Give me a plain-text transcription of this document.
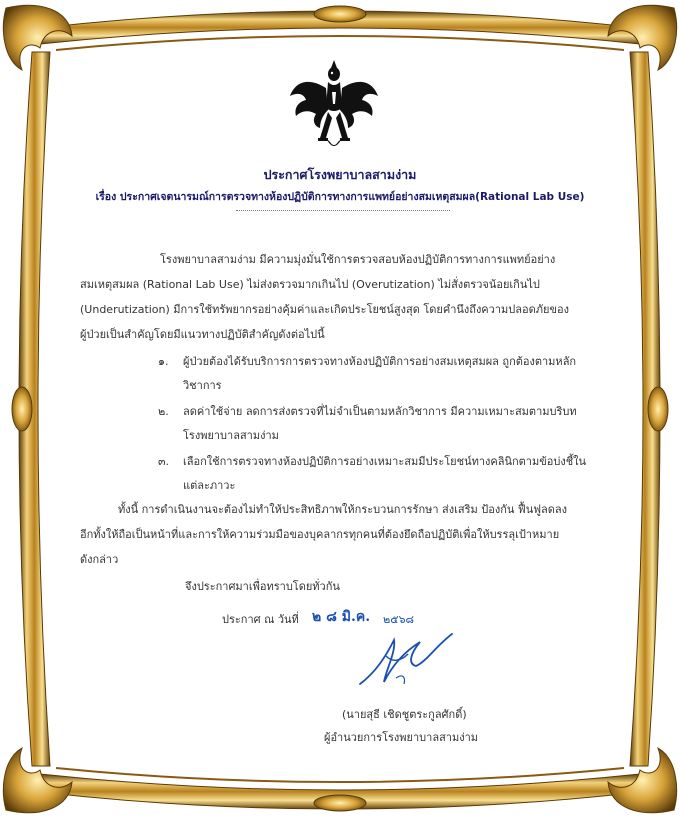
ประกาศโรงพยาบาลสามง่าม
เรื่อง ประกาศเจตนารมณ์การตรวจทางห้องปฏิบัติการทางการแพทย์อย่างสมเหตุสมผล(Rational Lab Use)
โรงพยาบาลสามง่าม มีความมุ่งมั่นใช้การตรวจสอบห้องปฏิบัติการทางการแพทย์อย่าง
สมเหตุสมผล (Rational Lab Use) ไม่ส่งตรวจมากเกินไป (Overutization) ไม่สั่งตรวจน้อยเกินไป
(Underutization) มีการใช้ทรัพยากรอย่างคุ้มค่าและเกิดประโยชน์สูงสุด โดยคำนึงถึงความปลอดภัยของ
ผู้ป่วยเป็นสำคัญโดยมีแนวทางปฏิบัติสำคัญดังต่อไปนี้
๑. ผู้ป่วยต้องได้รับบริการการตรวจทางห้องปฏิบัติการอย่างสมเหตุสมผล ถูกต้องตามหลัก
วิชาการ
๒. ลดค่าใช้จ่าย ลดการส่งตรวจที่ไม่จำเป็นตามหลักวิชาการ มีความเหมาะสมตามบริบท
โรงพยาบาลสามง่าม
๓. เลือกใช้การตรวจทางห้องปฏิบัติการอย่างเหมาะสมมีประโยชน์ทางคลินิกตามข้อบ่งชี้ใน
แต่ละภาวะ
ทั้งนี้ การดำเนินงานจะต้องไม่ทำให้ประสิทธิภาพให้กระบวนการรักษา ส่งเสริม ป้องกัน ฟื้นฟูลดลง
อีกทั้งให้ถือเป็นหน้าที่และการให้ความร่วมมือของบุคลากรทุกคนที่ต้องยึดถือปฏิบัติเพื่อให้บรรลุเป้าหมาย
ดังกล่าว
จึงประกาศมาเพื่อทราบโดยทั่วกัน
ประกาศ ณ วันที่ ๒ ๘ มิ.ค. ๒๕๖๘
(นายสุธี เชิดชูตระกูลศักดิ์)
ผู้อำนวยการโรงพยาบาลสามง่าม
